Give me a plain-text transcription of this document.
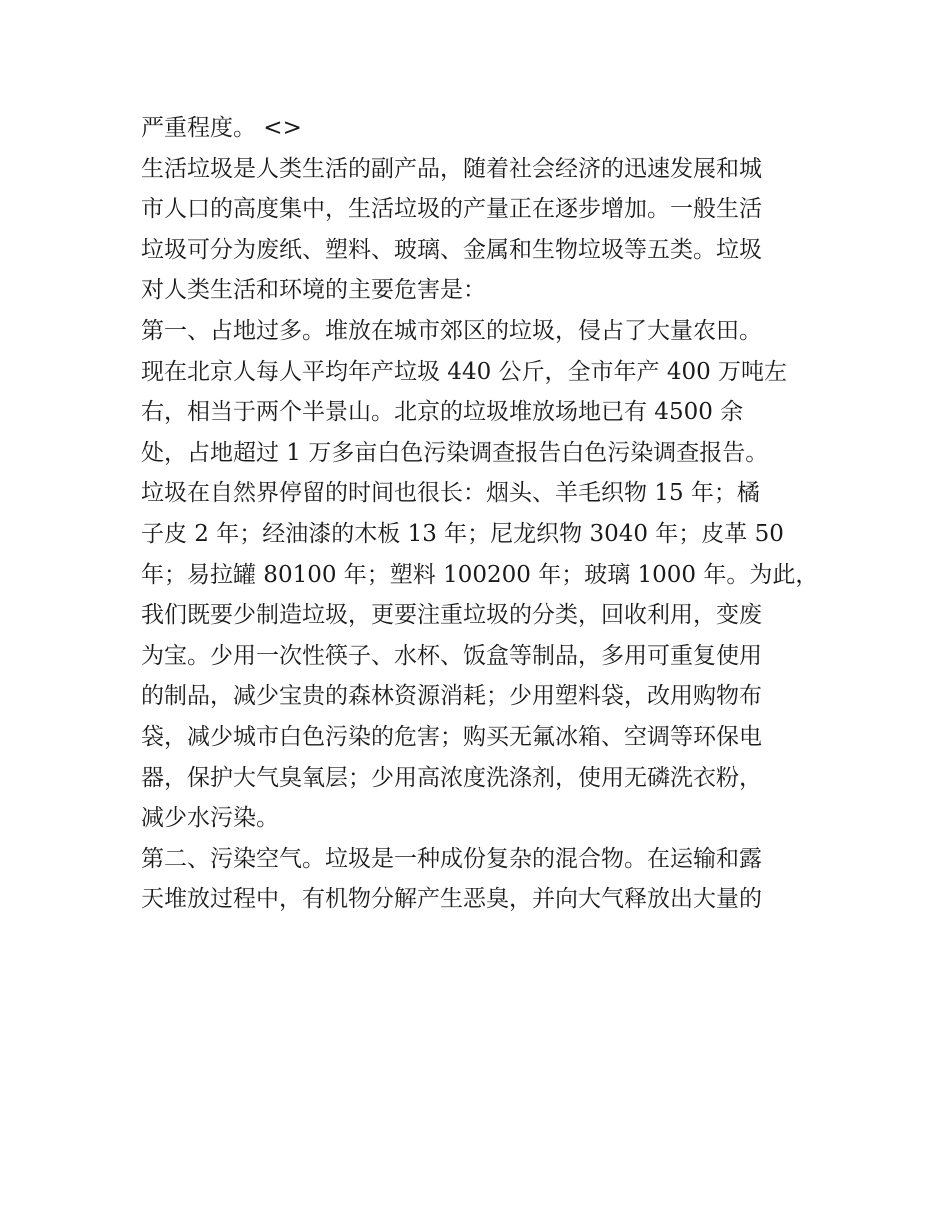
严重程度。 <>
生活垃圾是人类生活的副产品，随着社会经济的迅速发展和城
市人口的高度集中，生活垃圾的产量正在逐步增加。一般生活
垃圾可分为废纸、塑料、玻璃、金属和生物垃圾等五类。垃圾
对人类生活和环境的主要危害是：
第一、占地过多。堆放在城市郊区的垃圾，侵占了大量农田。
现在北京人每人平均年产垃圾 440 公斤，全市年产 400 万吨左
右，相当于两个半景山。北京的垃圾堆放场地已有 4500 余
处，占地超过 1 万多亩白色污染调查报告白色污染调查报告。
垃圾在自然界停留的时间也很长：烟头、羊毛织物 15 年；橘
子皮 2 年；经油漆的木板 13 年；尼龙织物 3040 年；皮革 50
年；易拉罐 80100 年；塑料 100200 年；玻璃 1000 年。为此，
我们既要少制造垃圾，更要注重垃圾的分类，回收利用，变废
为宝。少用一次性筷子、水杯、饭盒等制品，多用可重复使用
的制品，减少宝贵的森林资源消耗；少用塑料袋，改用购物布
袋，减少城市白色污染的危害；购买无氟冰箱、空调等环保电
器，保护大气臭氧层；少用高浓度洗涤剂，使用无磷洗衣粉，
减少水污染。
第二、污染空气。垃圾是一种成份复杂的混合物。在运输和露
天堆放过程中，有机物分解产生恶臭，并向大气释放出大量的
